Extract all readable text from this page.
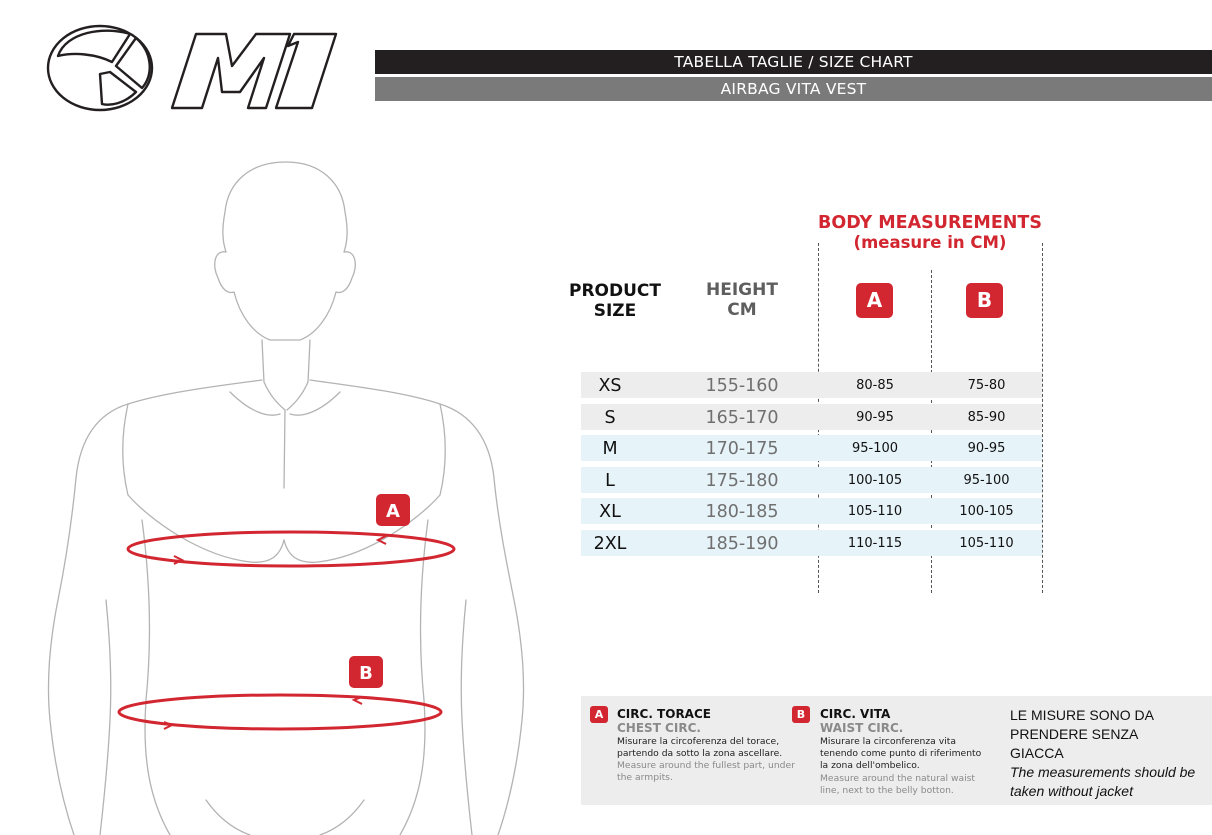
TABELLA TAGLIE / SIZE CHART
AIRBAG VITA VEST
A
B
BODY MEASUREMENTS
(measure in CM)
PRODUCT
SIZE
HEIGHT
CM	A	B
XS	155-160	80-85	75-80
S	165-170	90-95	85-90
M	170-175	95-100	90-95
L	175-180	100-105	95-100
XL	180-185	105-110	100-105
2XL	185-190	110-115	105-110
A	CIRC. TORACE
CHEST CIRC.
Misurare la circoferenza del torace,
partendo da sotto la zona ascellare.
Measure around the fullest part, under
the armpits.
B	CIRC. VITA
WAIST CIRC.
Misurare la circonferenza vita
tenendo come punto di riferimento
la zona dell'ombelico.
Measure around the natural waist
line, next to the belly botton.
LE MISURE SONO DA
PRENDERE SENZA
GIACCA
The measurements should be
taken without jacket
